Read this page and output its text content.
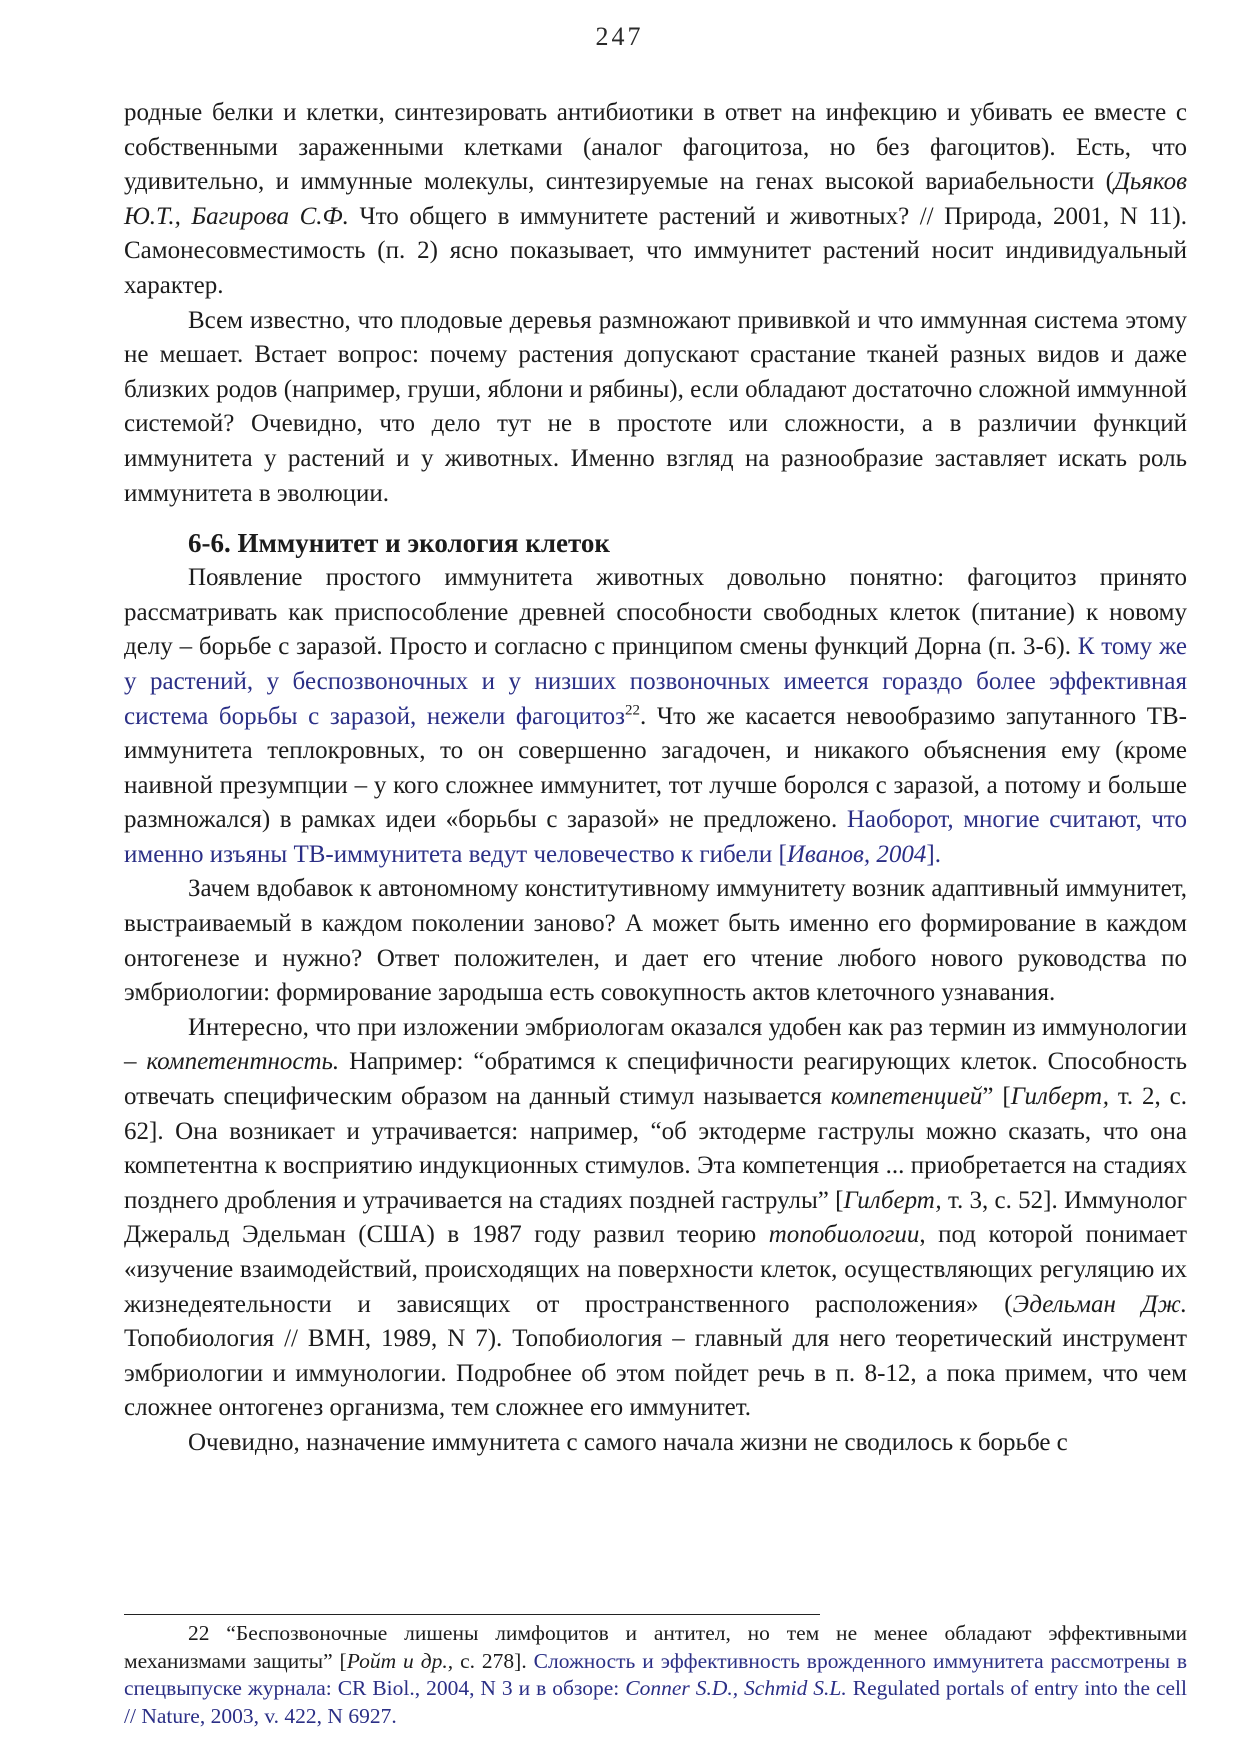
247

родные белки и клетки, синтезировать антибиотики в ответ на инфекцию и убивать ее вместе с собственными зараженными клетками (аналог фагоцитоза, но без фагоцитов). Есть, что удивительно, и иммунные молекулы, синтезируемые на генах высокой вариабельности (Дьяков Ю.Т., Багирова С.Ф. Что общего в иммунитете растений и животных? // Природа, 2001, N 11). Самонесовместимость (п. 2) ясно показывает, что иммунитет растений носит индивидуальный характер.

Всем известно, что плодовые деревья размножают прививкой и что иммунная система этому не мешает. Встает вопрос: почему растения допускают срастание тканей разных видов и даже близких родов (например, груши, яблони и рябины), если обладают достаточно сложной иммунной системой? Очевидно, что дело тут не в простоте или сложности, а в различии функций иммунитета у растений и у животных. Именно взгляд на разнообразие заставляет искать роль иммунитета в эволюции.

6-6. Иммунитет и экология клеток

Появление простого иммунитета животных довольно понятно: фагоцитоз принято рассматривать как приспособление древней способности свободных клеток (питание) к новому делу – борьбе с заразой. Просто и согласно с принципом смены функций Дорна (п. 3-6). К тому же у растений, у беспозвоночных и у низших позвоночных имеется гораздо более эффективная система борьбы с заразой, нежели фагоцитоз$^{22}$. Что же касается невообразимо запутанного ТВ-иммунитета теплокровных, то он совершенно загадочен, и никакого объяснения ему (кроме наивной презумпции – у кого сложнее иммунитет, тот лучше боролся с заразой, а потому и больше размножался) в рамках идеи «борьбы с заразой» не предложено. Наоборот, многие считают, что именно изъяны ТВ-иммунитета ведут человечество к гибели [Иванов, 2004].

Зачем вдобавок к автономному конститутивному иммунитету возник адаптивный иммунитет, выстраиваемый в каждом поколении заново? А может быть именно его формирование в каждом онтогенезе и нужно? Ответ положителен, и дает его чтение любого нового руководства по эмбриологии: формирование зародыша есть совокупность актов клеточного узнавания.

Интересно, что при изложении эмбриологам оказался удобен как раз термин из иммунологии – компетентность. Например: “обратимся к специфичности реагирующих клеток. Способность отвечать специфическим образом на данный стимул называется компетенцией” [Гилберт, т. 2, с. 62]. Она возникает и утрачивается: например, “об эктодерме гаструлы можно сказать, что она компетентна к восприятию индукционных стимулов. Эта компетенция ... приобретается на стадиях позднего дробления и утрачивается на стадиях поздней гаструлы” [Гилберт, т. 3, с. 52]. Иммунолог Джеральд Эдельман (США) в 1987 году развил теорию топобиологии, под которой понимает «изучение взаимодействий, происходящих на поверхности клеток, осуществляющих регуляцию их жизнедеятельности и зависящих от пространственного расположения» (Эдельман Дж. Топобиология // ВМН, 1989, N 7). Топобиология – главный для него теоретический инструмент эмбриологии и иммунологии. Подробнее об этом пойдет речь в п. 8-12, а пока примем, что чем сложнее онтогенез организма, тем сложнее его иммунитет.

Очевидно, назначение иммунитета с самого начала жизни не сводилось к борьбе с

22 “Беспозвоночные лишены лимфоцитов и антител, но тем не менее обладают эффективными механизмами защиты” [Ройт и др., с. 278]. Сложность и эффективность врожденного иммунитета рассмотрены в спецвыпуске журнала: CR Biol., 2004, N 3 и в обзоре: Conner S.D., Schmid S.L. Regulated portals of entry into the cell // Nature, 2003, v. 422, N 6927.
